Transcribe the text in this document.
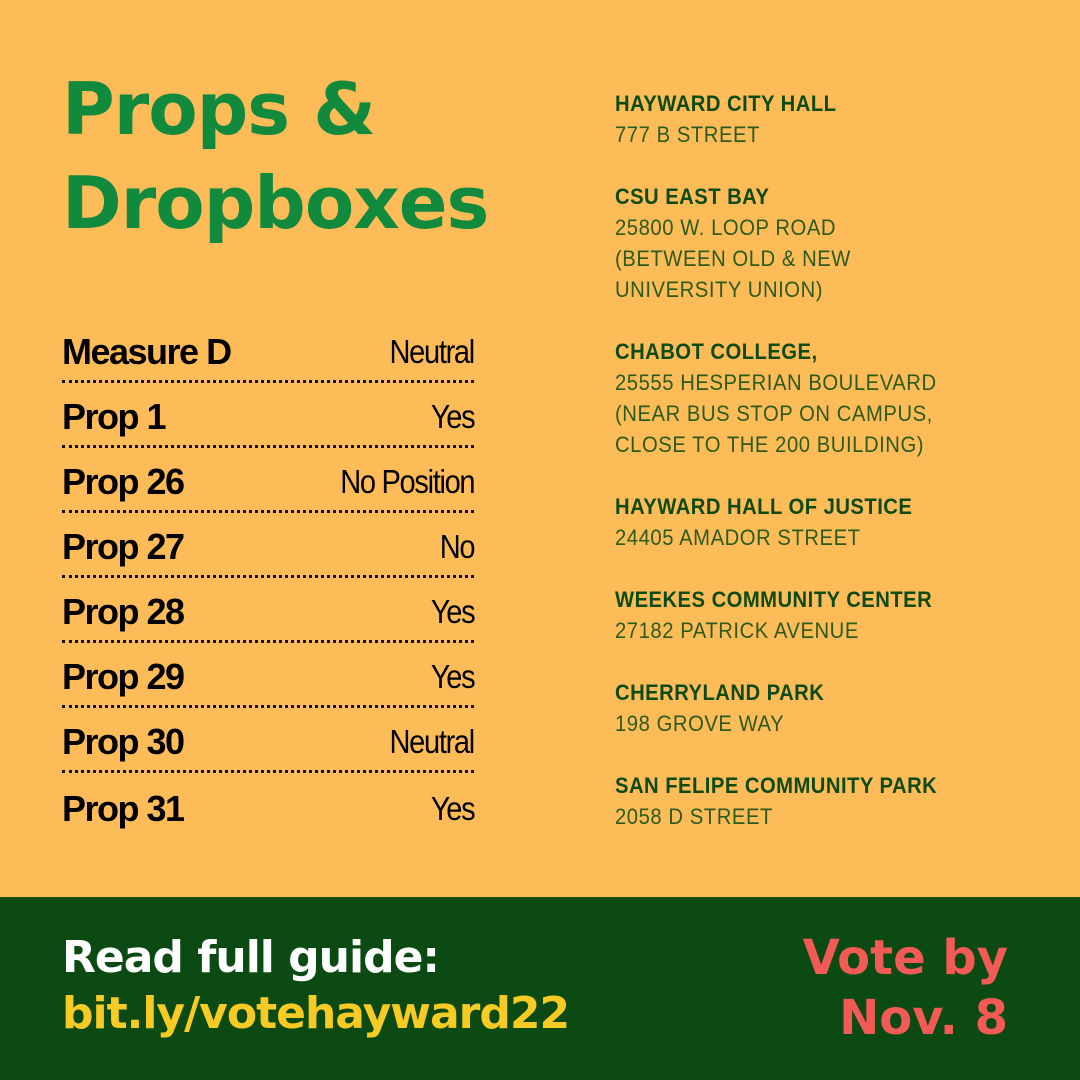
Props &
Dropboxes
Measure D	Neutral
Prop 1	Yes
Prop 26	No Position
Prop 27	No
Prop 28	Yes
Prop 29	Yes
Prop 30	Neutral
Prop 31	Yes
HAYWARD CITY HALL
777 B STREET
CSU EAST BAY
25800 W. LOOP ROAD
(BETWEEN OLD & NEW
UNIVERSITY UNION)
CHABOT COLLEGE,
25555 HESPERIAN BOULEVARD
(NEAR BUS STOP ON CAMPUS,
CLOSE TO THE 200 BUILDING)
HAYWARD HALL OF JUSTICE
24405 AMADOR STREET
WEEKES COMMUNITY CENTER
27182 PATRICK AVENUE
CHERRYLAND PARK
198 GROVE WAY
SAN FELIPE COMMUNITY PARK
2058 D STREET
Read full guide:
bit.ly/votehayward22
Vote by
Nov. 8
